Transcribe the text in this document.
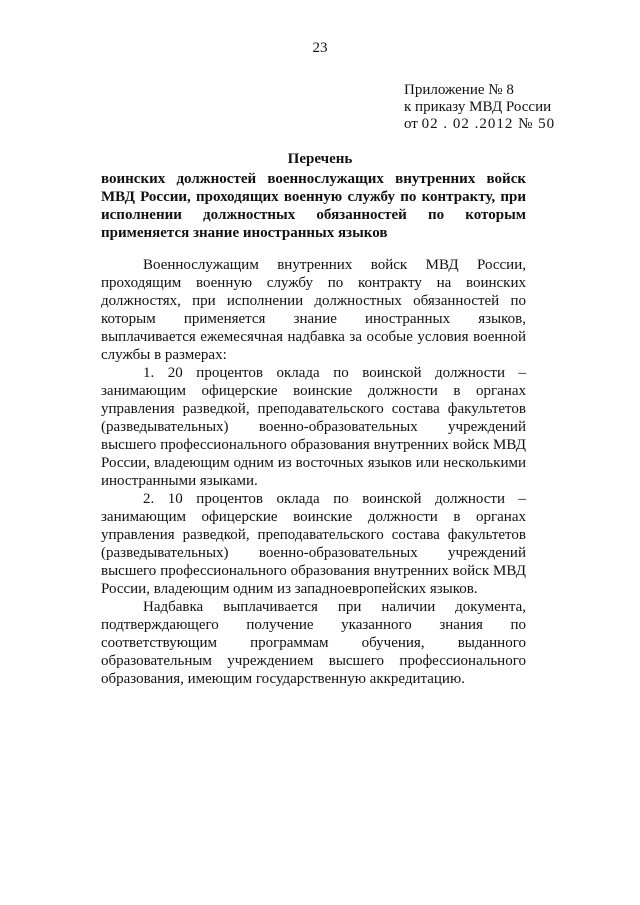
23
Приложение № 8
к приказу МВД России
от 02 . 02 .2012 № 50
Перечень
воинских должностей военнослужащих внутренних войск МВД России, проходящих военную службу по контракту, при исполнении должностных обязанностей по которым применяется знание иностранных языков

Военнослужащим внутренних войск МВД России, проходящим военную службу по контракту на воинских должностях, при исполнении должностных обязанностей по которым применяется знание иностранных языков, выплачивается ежемесячная надбавка за особые условия военной службы в размерах:

1. 20 процентов оклада по воинской должности – занимающим офицерские воинские должности в органах управления разведкой, преподавательского состава факультетов (разведывательных) военно-образовательных учреждений высшего профессионального образования внутренних войск МВД России, владеющим одним из восточных языков или несколькими иностранными языками.

2. 10 процентов оклада по воинской должности – занимающим офицерские воинские должности в органах управления разведкой, преподавательского состава факультетов (разведывательных) военно-образовательных учреждений высшего профессионального образования внутренних войск МВД России, владеющим одним из западноевропейских языков.

Надбавка выплачивается при наличии документа, подтверждающего получение указанного знания по соответствующим программам обучения, выданного образовательным учреждением высшего профессионального образования, имеющим государственную аккредитацию.
